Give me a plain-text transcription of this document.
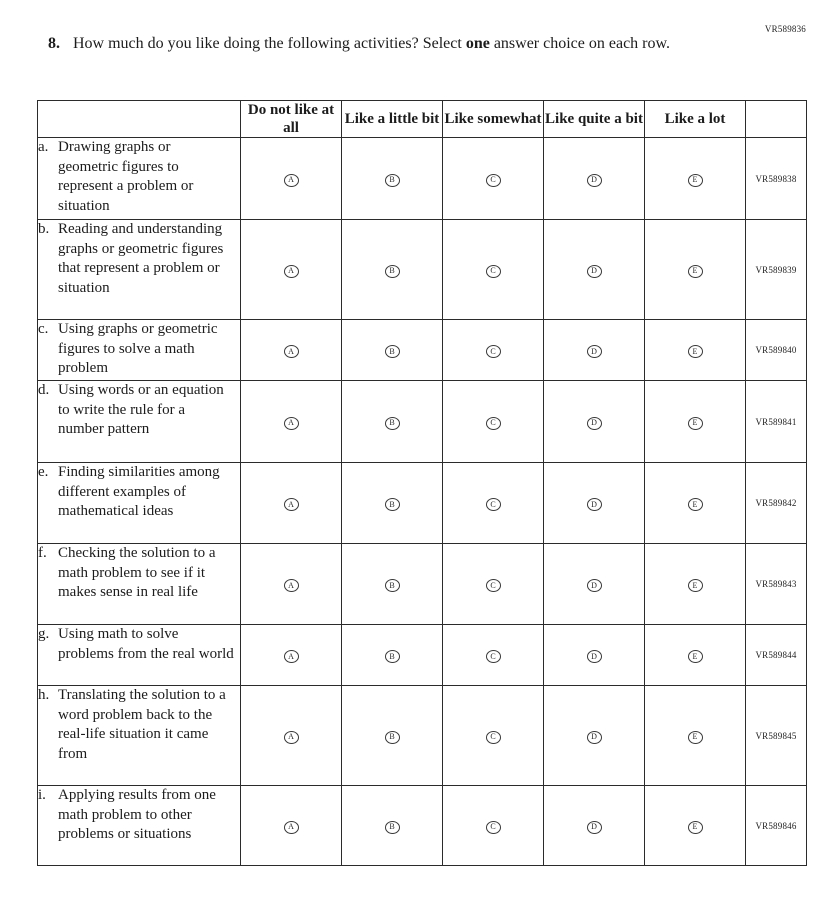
VR589836
8. How much do you like doing the following activities? Select one answer choice on each row.
	Do not like at all	Like a little bit	Like somewhat	Like quite a bit	Like a lot	

a. Drawing graphs or geometric figures to represent a problem or situation	A	B	C	D	E	VR589838

b. Reading and understanding graphs or geometric figures that represent a problem or situation	A	B	C	D	E	VR589839

c. Using graphs or geometric figures to solve a math problem	A	B	C	D	E	VR589840

d. Using words or an equation to write the rule for a number pattern	A	B	C	D	E	VR589841

e. Finding similarities among different examples of mathematical ideas	A	B	C	D	E	VR589842

f. Checking the solution to a math problem to see if it makes sense in real life	A	B	C	D	E	VR589843

g. Using math to solve problems from the real world	A	B	C	D	E	VR589844

h. Translating the solution to a word problem back to the real-life situation it came from	A	B	C	D	E	VR589845

i. Applying results from one math problem to other problems or situations	A	B	C	D	E	VR589846
